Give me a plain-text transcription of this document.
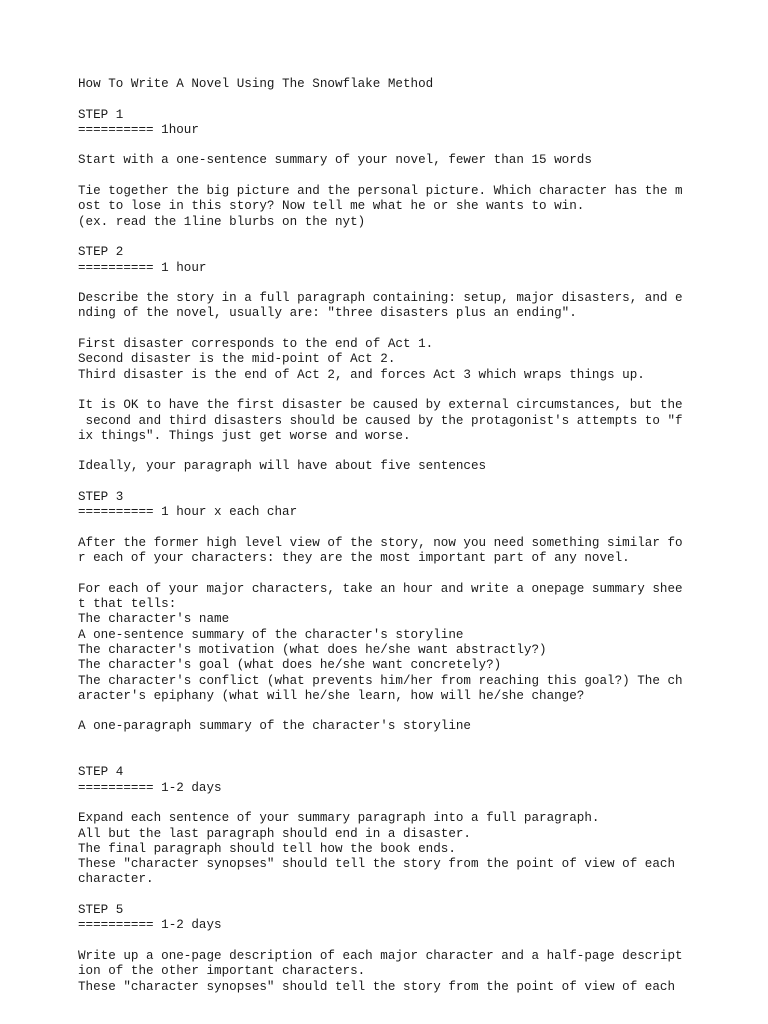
How To Write A Novel Using The Snowflake Method
STEP 1
========== 1hour
Start with a one-sentence summary of your novel, fewer than 15 words
Tie together the big picture and the personal picture. Which character has the m
ost to lose in this story? Now tell me what he or she wants to win.
(ex. read the 1line blurbs on the nyt)
STEP 2
========== 1 hour
Describe the story in a full paragraph containing: setup, major disasters, and e
nding of the novel, usually are: "three disasters plus an ending".
First disaster corresponds to the end of Act 1.
Second disaster is the mid-point of Act 2.
Third disaster is the end of Act 2, and forces Act 3 which wraps things up.
It is OK to have the first disaster be caused by external circumstances, but the
second and third disasters should be caused by the protagonist's attempts to "f
ix things". Things just get worse and worse.
Ideally, your paragraph will have about five sentences
STEP 3
========== 1 hour x each char
After the former high level view of the story, now you need something similar fo
r each of your characters: they are the most important part of any novel.
For each of your major characters, take an hour and write a onepage summary shee
t that tells:
The character's name
A one-sentence summary of the character's storyline
The character's motivation (what does he/she want abstractly?)
The character's goal (what does he/she want concretely?)
The character's conflict (what prevents him/her from reaching this goal?) The ch
aracter's epiphany (what will he/she learn, how will he/she change?
A one-paragraph summary of the character's storyline
STEP 4
========== 1-2 days
Expand each sentence of your summary paragraph into a full paragraph.
All but the last paragraph should end in a disaster.
The final paragraph should tell how the book ends.
These "character synopses" should tell the story from the point of view of each
character.
STEP 5
========== 1-2 days
Write up a one-page description of each major character and a half-page descript
ion of the other important characters.
These "character synopses" should tell the story from the point of view of each
